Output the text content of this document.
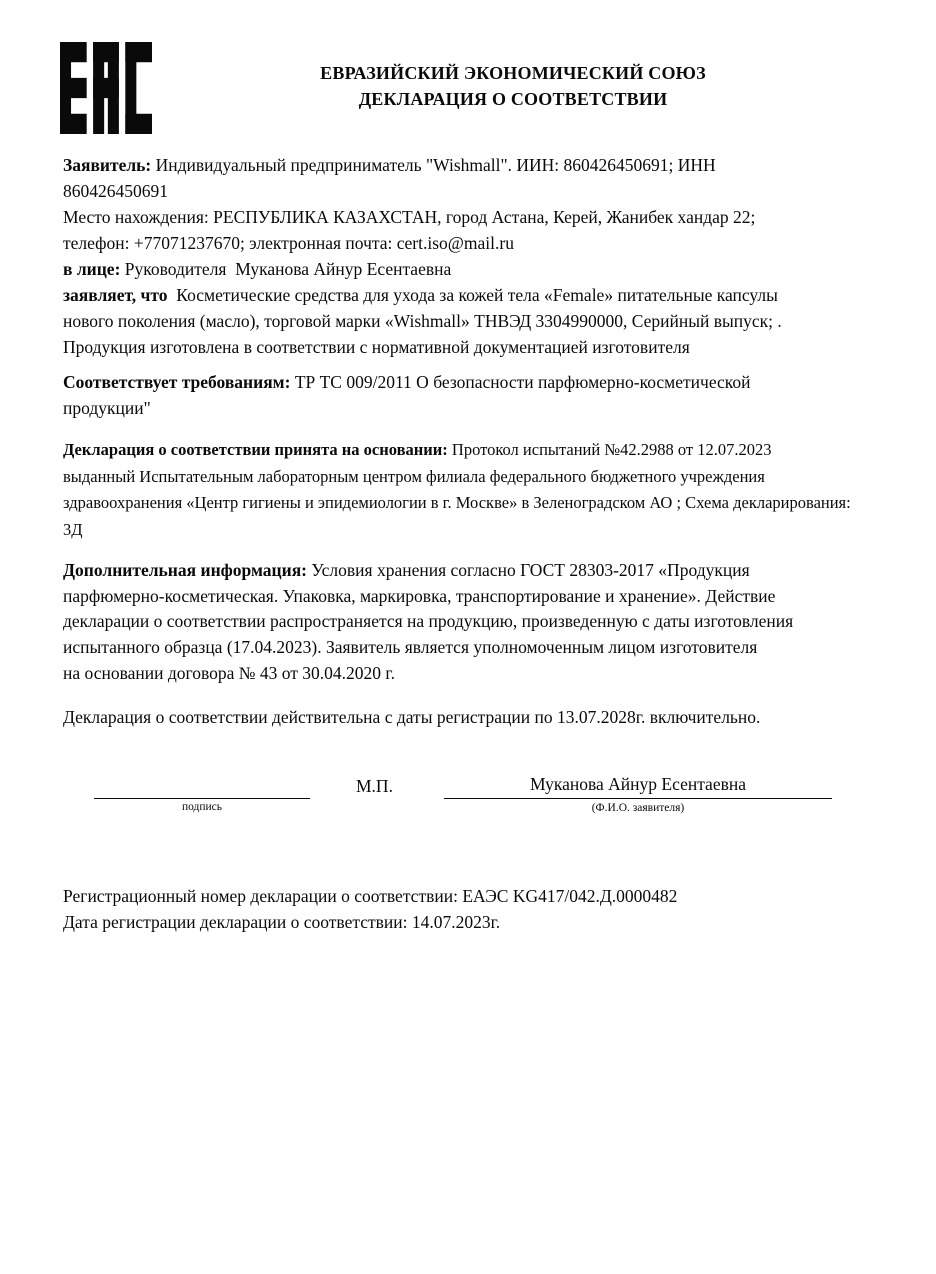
ЕВРАЗИЙСКИЙ ЭКОНОМИЧЕСКИЙ СОЮЗ
ДЕКЛАРАЦИЯ О СООТВЕТСТВИИ
Заявитель: Индивидуальный предприниматель "Wishmall". ИИН: 860426450691; ИНН
860426450691
Место нахождения: РЕСПУБЛИКА КАЗАХСТАН, город Астана, Керей, Жанибек хандар 22;
телефон: +77071237670; электронная почта: cert.iso@mail.ru
в лице: Руководителя  Муканова Айнур Есентаевна
заявляет, что  Косметические средства для ухода за кожей тела «Female» питательные капсулы
нового поколения (масло), торговой марки «Wishmall» ТНВЭД 3304990000, Серийный выпуск; .
Продукция изготовлена в соответствии с нормативной документацией изготовителя
Соответствует требованиям: ТР ТС 009/2011 О безопасности парфюмерно-косметической
продукции"
Декларация о соответствии принята на основании: Протокол испытаний №42.2988 от 12.07.2023
выданный Испытательным лабораторным центром филиала федерального бюджетного учреждения
здравоохранения «Центр гигиены и эпидемиологии в г. Москве» в Зеленоградском АО ; Схема декларирования:
3Д
Дополнительная информация: Условия хранения согласно ГОСТ 28303-2017 «Продукция
парфюмерно-косметическая. Упаковка, маркировка, транспортирование и хранение». Действие
декларации о соответствии распространяется на продукцию, произведенную с даты изготовления
испытанного образца (17.04.2023). Заявитель является уполномоченным лицом изготовителя
на основании договора № 43 от 30.04.2020 г.
Декларация о соответствии действительна с даты регистрации по 13.07.2028г. включительно.
подпись
М.П.	Муканова Айнур Есентаевна
(Ф.И.О. заявителя)
Регистрационный номер декларации о соответствии: ЕАЭС KG417/042.Д.0000482
Дата регистрации декларации о соответствии: 14.07.2023г.
